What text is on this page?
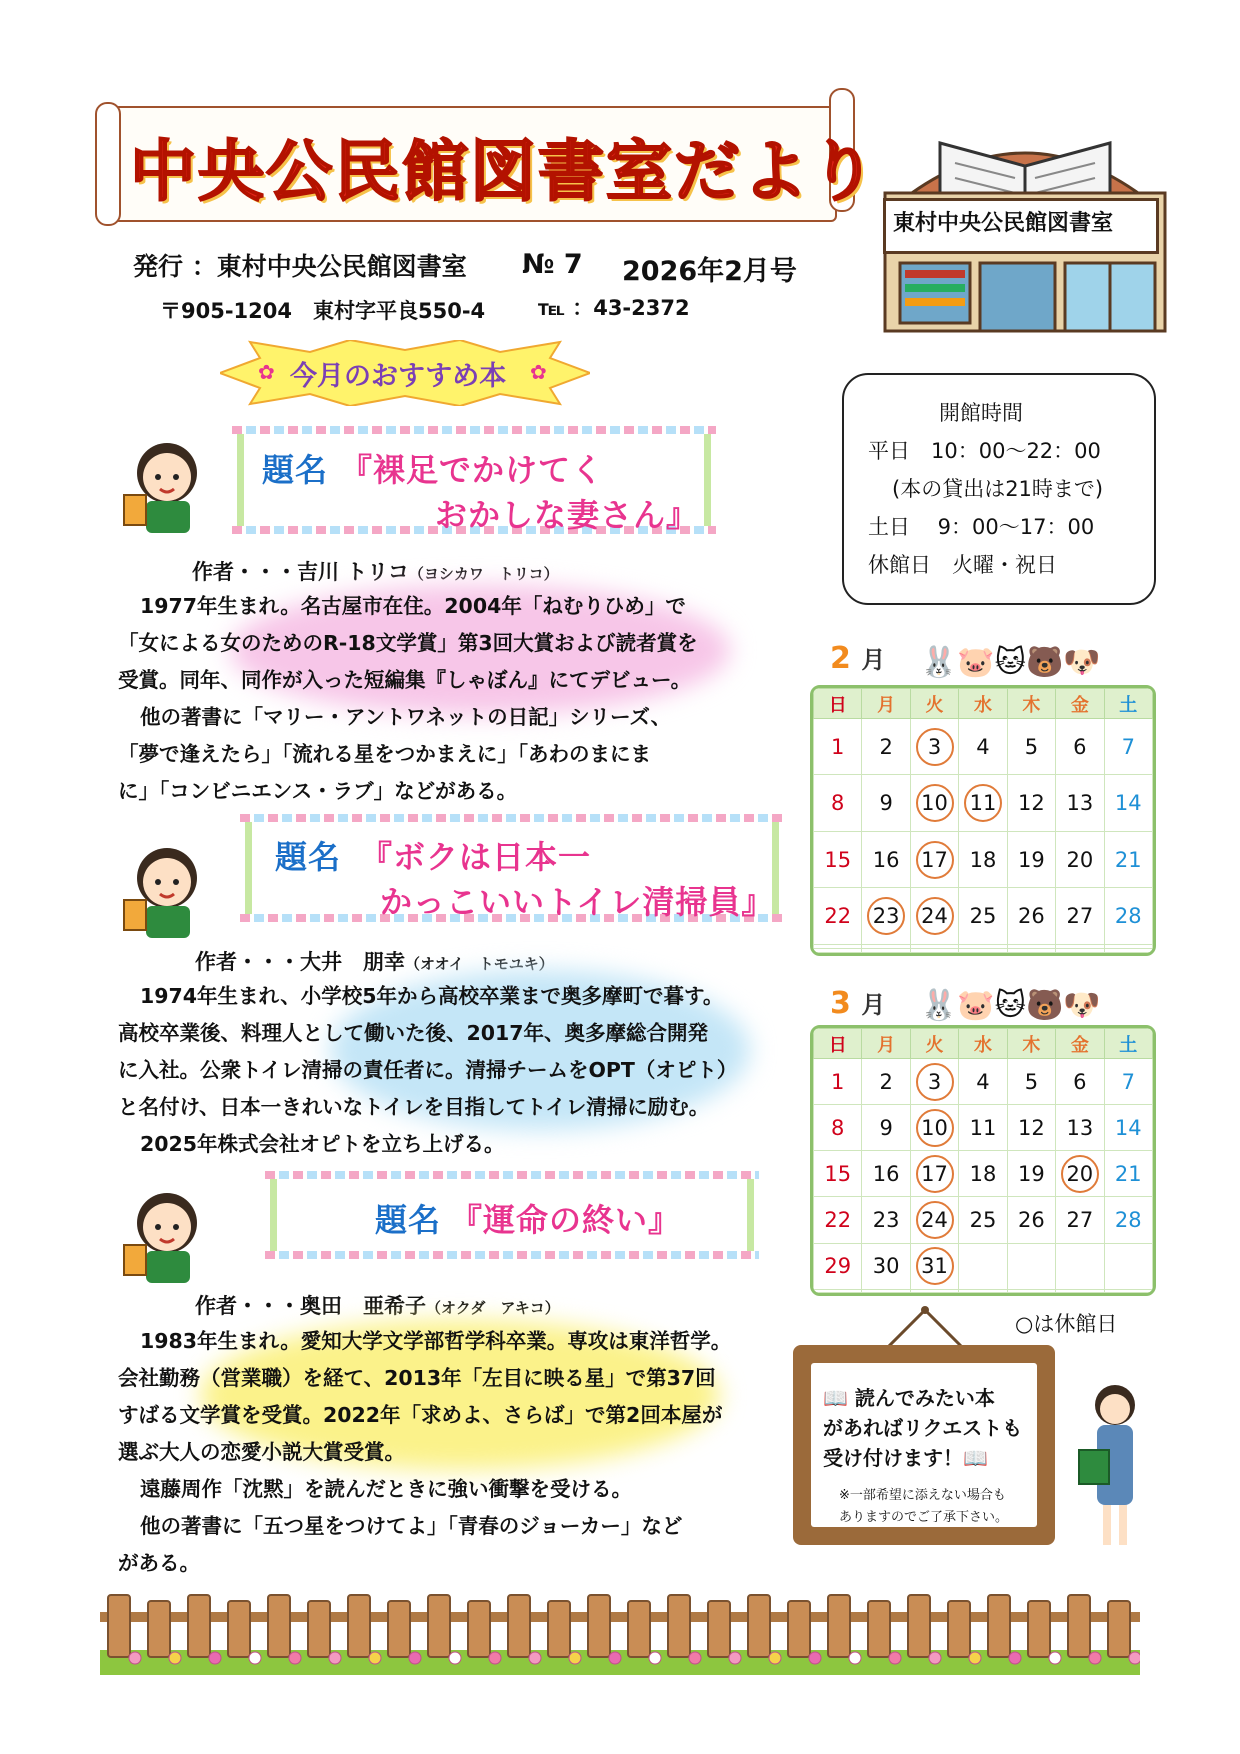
中央公民館図書室だより
発行 ：東村中央公民館図書室 № 7 2026年2月号
〒905-1204　東村字平良550-4	℡ ：43-2372
東村中央公民館図書室
✿ 今月のおすすめ本 ✿
開館時間
平日　10：00～22：00
(本の貸出は21時まで)
土日　 9：00～17：00
休館日　火曜・祝日
題名 『裸足でかけてく
おかしな妻さん』
作者・・・吉川 トリコ（ヨシカワ　トリコ）
1977年生まれ。名古屋市在住。2004年「ねむりひめ」で
「女による女のためのR-18文学賞」第3回大賞および読者賞を
受賞。同年、同作が入った短編集『しゃぼん』にてデビュー。
他の著書に「マリー・アントワネットの日記」シリーズ、
「夢で逢えたら」「流れる星をつかまえに」「あわのまにま
に」「コンビニエンス・ラブ」などがある。
題名 『ボクは日本一
かっこいいトイレ清掃員』
作者・・・大井　朋幸（オオイ　トモユキ）
1974年生まれ、小学校5年から高校卒業まで奥多摩町で暮す。
高校卒業後、料理人として働いた後、2017年、奥多摩総合開発
に入社。公衆トイレ清掃の責任者に。清掃チームをOPT（オピト）
と名付け、日本一きれいなトイレを目指してトイレ清掃に励む。
2025年株式会社オピトを立ち上げる。
題名 『運命の終い』
作者・・・奥田　亜希子（オクダ　アキコ）
1983年生まれ。愛知大学文学部哲学科卒業。専攻は東洋哲学。
会社勤務（営業職）を経て、2013年「左目に映る星」で第37回
すばる文学賞を受賞。2022年「求めよ、さらば」で第2回本屋が
選ぶ大人の恋愛小説大賞受賞。
遠藤周作「沈黙」を読んだときに強い衝撃を受ける。
他の著書に「五つ星をつけてよ」「青春のジョーカー」など
がある。
2 月 🐰🐷🐱🐻🐶
日	月	火	水	木	金	土
1	2	3	4	5	6	7
8	9	10	11	12	13	14
15	16	17	18	19	20	21
22	23	24	25	26	27	28

3 月 🐰🐷🐱🐻🐶
日	月	火	水	木	金	土
1	2	3	4	5	6	7
8	9	10	11	12	13	14
15	16	17	18	19	20	21
22	23	24	25	26	27	28
29	30	31				

○は休館日
📖 読んでみたい本
があればリクエストも
受け付けます！📖
※一部希望に添えない場合も
ありますのでご了承下さい。
